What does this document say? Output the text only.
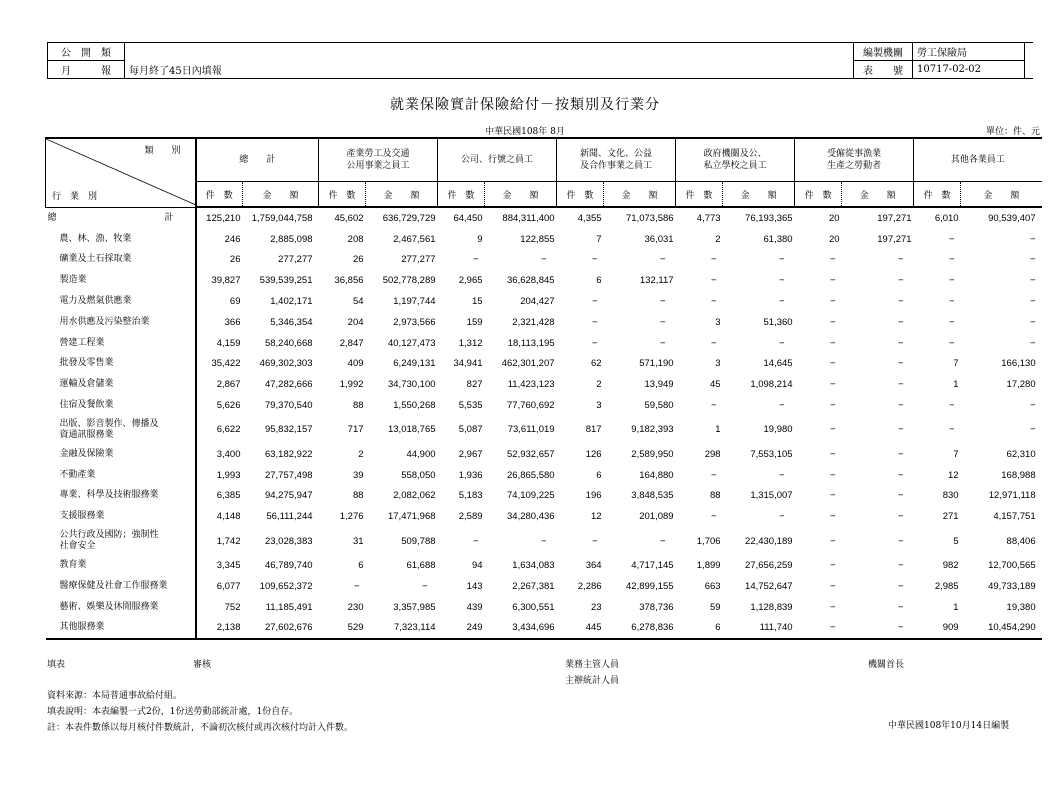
公　開　類	
月　　　報	每月終了45日內填報
編製機關	勞工保險局
表　　號	10717-02-02
就業保險實計保險給付－按類別及行業分
中華民國108年 8月	單位：件、元
類　　別
行　業　別	總　　計		產業勞工及交通
公用事業之員工		公司、行號之員工		新聞、文化、公益
及合作事業之員工		政府機關及公、
私立學校之員工		受僱從事漁業
生產之勞動者		其他各業員工	
	件　數	金　　額	件　數	金　　額	件　數	金　　額	件　數	金　　額	件　數	金　　額	件　數	金　　額	件　數	金　　額
總　　　　　　　　　　　　計	125,210	1,759,044,758	45,602	636,729,729	64,450	884,311,400	4,355	71,073,586	4,773	76,193,365	20	197,271	6,010	90,539,407
農、林、漁、牧業	246	2,885,098	208	2,467,561	9	122,855	7	36,031	2	61,380	20	197,271	−	−
礦業及土石採取業	26	277,277	26	277,277	−	−	−	−	−	−	−	−	−	−
製造業	39,827	539,539,251	36,856	502,778,289	2,965	36,628,845	6	132,117	−	−	−	−	−	−
電力及燃氣供應業	69	1,402,171	54	1,197,744	15	204,427	−	−	−	−	−	−	−	−
用水供應及污染整治業	366	5,346,354	204	2,973,566	159	2,321,428	−	−	3	51,360	−	−	−	−
營建工程業	4,159	58,240,668	2,847	40,127,473	1,312	18,113,195	−	−	−	−	−	−	−	−
批發及零售業	35,422	469,302,303	409	6,249,131	34,941	462,301,207	62	571,190	3	14,645	−	−	7	166,130
運輸及倉儲業	2,867	47,282,666	1,992	34,730,100	827	11,423,123	2	13,949	45	1,098,214	−	−	1	17,280
住宿及餐飲業	5,626	79,370,540	88	1,550,268	5,535	77,760,692	3	59,580	−	−	−	−	−	−
出版、影音製作、傳播及
資通訊服務業	6,622	95,832,157	717	13,018,765	5,087	73,611,019	817	9,182,393	1	19,980	−	−	−	−
金融及保險業	3,400	63,182,922	2	44,900	2,967	52,932,657	126	2,589,950	298	7,553,105	−	−	7	62,310
不動產業	1,993	27,757,498	39	558,050	1,936	26,865,580	6	164,880	−	−	−	−	12	168,988
專業、科學及技術服務業	6,385	94,275,947	88	2,082,062	5,183	74,109,225	196	3,848,535	88	1,315,007	−	−	830	12,971,118
支援服務業	4,148	56,111,244	1,276	17,471,968	2,589	34,280,436	12	201,089	−	−	−	−	271	4,157,751
公共行政及國防；強制性
社會安全	1,742	23,028,383	31	509,788	−	−	−	−	1,706	22,430,189	−	−	5	88,406
教育業	3,345	46,789,740	6	61,688	94	1,634,083	364	4,717,145	1,899	27,656,259	−	−	982	12,700,565
醫療保健及社會工作服務業	6,077	109,652,372	−	−	143	2,267,381	2,286	42,899,155	663	14,752,647	−	−	2,985	49,733,189
藝術、娛樂及休閒服務業	752	11,185,491	230	3,357,985	439	6,300,551	23	378,736	59	1,128,839	−	−	1	19,380
其他服務業	2,138	27,602,676	529	7,323,114	249	3,434,696	445	6,278,836	6	111,740	−	−	909	10,454,290
填表	審核	業務主管人員
主辦統計人員
機關首長
資料來源：本局普通事故給付組。
填表說明：本表編製一式2份，1份送勞動部統計處，1份自存。
註：本表件數係以每月核付件數統計，不論初次核付或再次核付均計入件數。	中華民國108年10月14日編製
